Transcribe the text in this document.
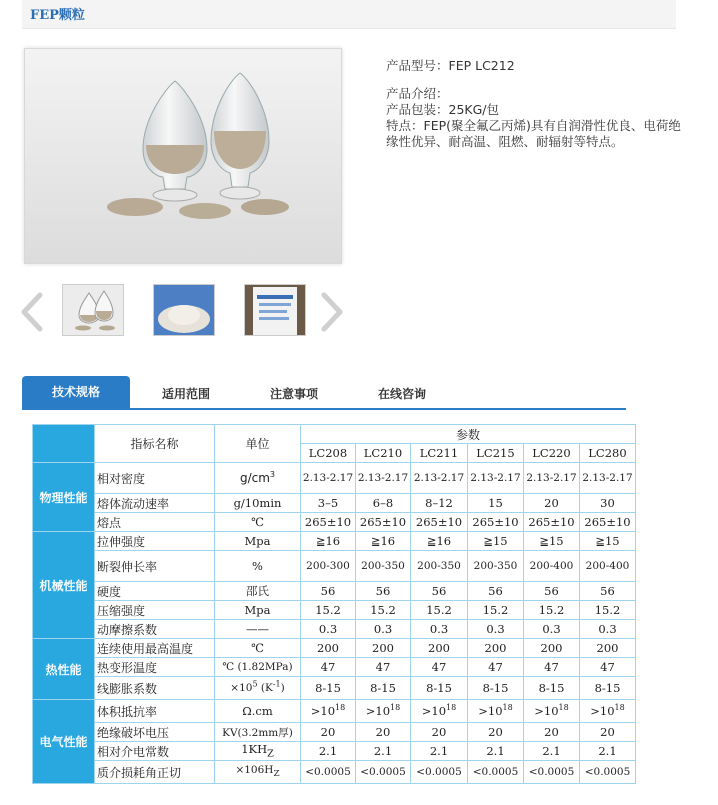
FEP颗粒
产品型号：FEP LC212
产品介绍：
产品包装：25KG/包
特点：FEP(聚全氟乙丙烯)具有自润滑性优良、电荷绝缘性优异、耐高温、阻燃、耐辐射等特点。
技术规格	适用范围	注意事项	在线咨询
	指标名称	单位	参数					
			LC208	LC210	LC211	LC215	LC220	LC280
物理性能	相对密度	$g/cm^3$	2.13-2.17	2.13-2.17	2.13-2.17	2.13-2.17	2.13-2.17	2.13-2.17
	熔体流动速率	g/10min	3–5	6–8	8–12	15	20	30
	熔点	℃	265±10	265±10	265±10	265±10	265±10	265±10
机械性能	拉伸强度	Mpa	≧16	≧16	≧16	≧15	≧15	≧15
	断裂伸长率	%	200-300	200-350	200-350	200-350	200-400	200-400
	硬度	邵氏	56	56	56	56	56	56
	压缩强度	Mpa	15.2	15.2	15.2	15.2	15.2	15.2
	动摩擦系数	——	0.3	0.3	0.3	0.3	0.3	0.3
热性能	连续使用最高温度	℃	200	200	200	200	200	200
	热变形温度	℃ (1.82MPa)	47	47	47	47	47	47
	线膨胀系数	$\times 10^5$ $(K^{-1})$	8-15	8-15	8-15	8-15	8-15	8-15
电气性能	体积抵抗率	Ω.cm	$>10^{18}$	$>10^{18}$	$>10^{18}$	$>10^{18}$	$>10^{18}$	$>10^{18}$
	绝缘破坏电压	KV(3.2mm厚)	20	20	20	20	20	20
	相对介电常数	$1KH_Z$	2.1	2.1	2.1	2.1	2.1	2.1
	质介损耗角正切	$\times 106H_Z$	<0.0005	<0.0005	<0.0005	<0.0005	<0.0005	<0.0005
